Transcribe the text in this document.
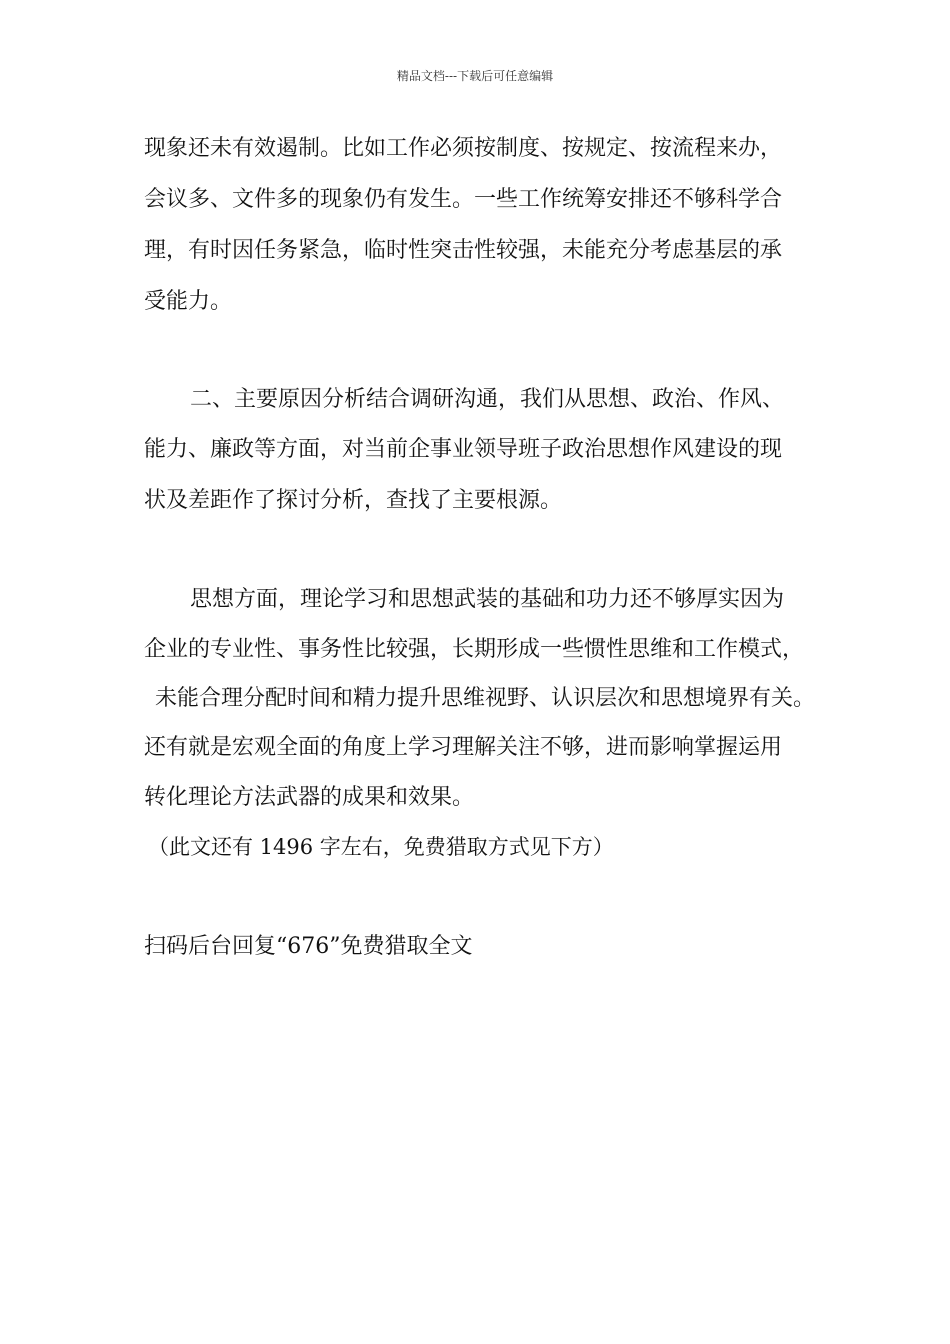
精品文档---下载后可任意编辑
现象还未有效遏制。比如工作必须按制度、按规定、按流程来办，
会议多、文件多的现象仍有发生。一些工作统筹安排还不够科学合
理，有时因任务紧急，临时性突击性较强，未能充分考虑基层的承
受能力。
二、主要原因分析结合调研沟通，我们从思想、政治、作风、
能力、廉政等方面，对当前企事业领导班子政治思想作风建设的现
状及差距作了探讨分析，查找了主要根源。
思想方面，理论学习和思想武装的基础和功力还不够厚实因为
企业的专业性、事务性比较强，长期形成一些惯性思维和工作模式，
未能合理分配时间和精力提升思维视野、认识层次和思想境界有关。
还有就是宏观全面的角度上学习理解关注不够，进而影响掌握运用
转化理论方法武器的成果和效果。
（此文还有 1496 字左右，免费猎取方式见下方）
扫码后台回复“676”免费猎取全文
